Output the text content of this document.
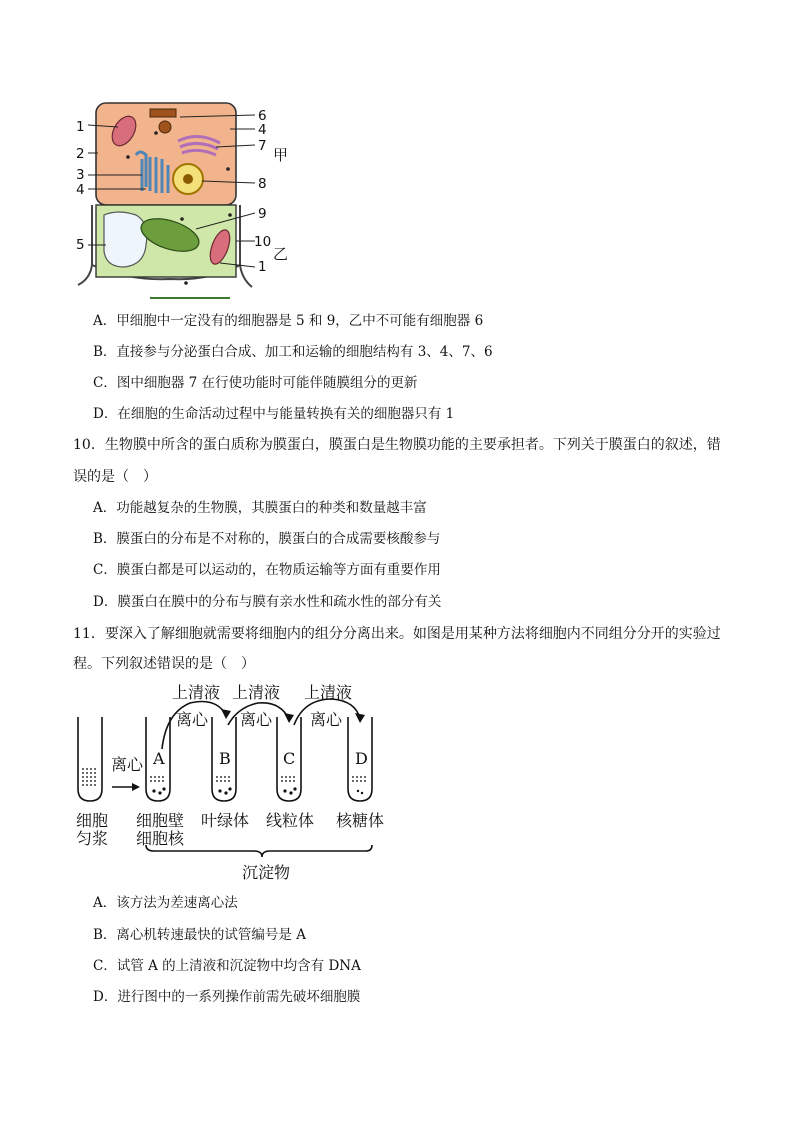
1
2
3
4
5
6
4
7
8
9
10
1
甲
乙
A．甲细胞中一定没有的细胞器是 5 和 9，乙中不可能有细胞器 6
B．直接参与分泌蛋白合成、加工和运输的细胞结构有 3、4、7、6
C．图中细胞器 7 在行使功能时可能伴随膜组分的更新
D．在细胞的生命活动过程中与能量转换有关的细胞器只有 1
10．生物膜中所含的蛋白质称为膜蛋白，膜蛋白是生物膜功能的主要承担者。下列关于膜蛋白的叙述，错
误的是（　）
A．功能越复杂的生物膜，其膜蛋白的种类和数量越丰富
B．膜蛋白的分布是不对称的，膜蛋白的合成需要核酸参与
C．膜蛋白都是可以运动的，在物质运输等方面有重要作用
D．膜蛋白在膜中的分布与膜有亲水性和疏水性的部分有关
11．要深入了解细胞就需要将细胞内的组分分离出来。如图是用某种方法将细胞内不同组分分开的实验过
程。下列叙述错误的是（　）
上清液 上清液 上清液
离心 离心 离心
离心 A	B	C	D
细胞
匀浆
细胞壁
细胞核
叶绿体 线粒体 核糖体
沉淀物
A．该方法为差速离心法
B．离心机转速最快的试管编号是 A
C．试管 A 的上清液和沉淀物中均含有 DNA
D．进行图中的一系列操作前需先破坏细胞膜
